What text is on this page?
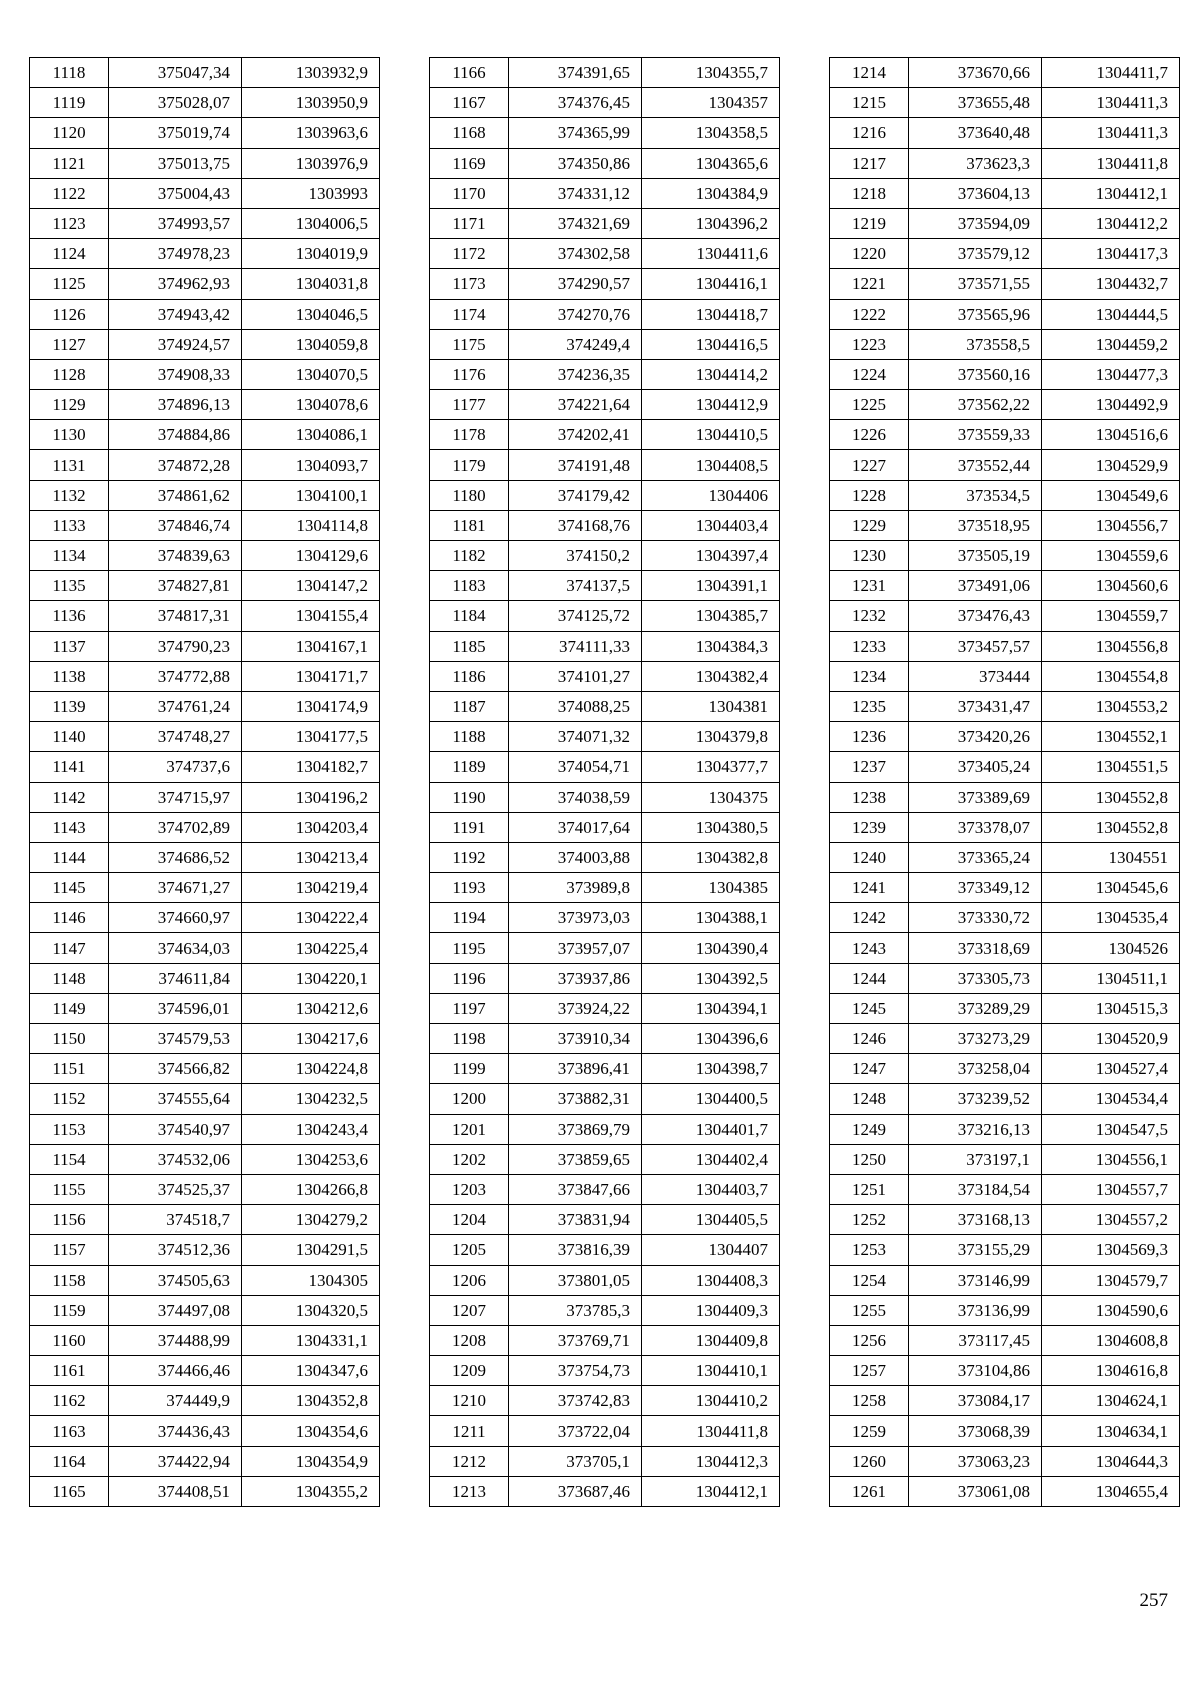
1118	375047,34	1303932,9
1119	375028,07	1303950,9
1120	375019,74	1303963,6
1121	375013,75	1303976,9
1122	375004,43	1303993
1123	374993,57	1304006,5
1124	374978,23	1304019,9
1125	374962,93	1304031,8
1126	374943,42	1304046,5
1127	374924,57	1304059,8
1128	374908,33	1304070,5
1129	374896,13	1304078,6
1130	374884,86	1304086,1
1131	374872,28	1304093,7
1132	374861,62	1304100,1
1133	374846,74	1304114,8
1134	374839,63	1304129,6
1135	374827,81	1304147,2
1136	374817,31	1304155,4
1137	374790,23	1304167,1
1138	374772,88	1304171,7
1139	374761,24	1304174,9
1140	374748,27	1304177,5
1141	374737,6	1304182,7
1142	374715,97	1304196,2
1143	374702,89	1304203,4
1144	374686,52	1304213,4
1145	374671,27	1304219,4
1146	374660,97	1304222,4
1147	374634,03	1304225,4
1148	374611,84	1304220,1
1149	374596,01	1304212,6
1150	374579,53	1304217,6
1151	374566,82	1304224,8
1152	374555,64	1304232,5
1153	374540,97	1304243,4
1154	374532,06	1304253,6
1155	374525,37	1304266,8
1156	374518,7	1304279,2
1157	374512,36	1304291,5
1158	374505,63	1304305
1159	374497,08	1304320,5
1160	374488,99	1304331,1
1161	374466,46	1304347,6
1162	374449,9	1304352,8
1163	374436,43	1304354,6
1164	374422,94	1304354,9
1165	374408,51	1304355,2
1166	374391,65	1304355,7
1167	374376,45	1304357
1168	374365,99	1304358,5
1169	374350,86	1304365,6
1170	374331,12	1304384,9
1171	374321,69	1304396,2
1172	374302,58	1304411,6
1173	374290,57	1304416,1
1174	374270,76	1304418,7
1175	374249,4	1304416,5
1176	374236,35	1304414,2
1177	374221,64	1304412,9
1178	374202,41	1304410,5
1179	374191,48	1304408,5
1180	374179,42	1304406
1181	374168,76	1304403,4
1182	374150,2	1304397,4
1183	374137,5	1304391,1
1184	374125,72	1304385,7
1185	374111,33	1304384,3
1186	374101,27	1304382,4
1187	374088,25	1304381
1188	374071,32	1304379,8
1189	374054,71	1304377,7
1190	374038,59	1304375
1191	374017,64	1304380,5
1192	374003,88	1304382,8
1193	373989,8	1304385
1194	373973,03	1304388,1
1195	373957,07	1304390,4
1196	373937,86	1304392,5
1197	373924,22	1304394,1
1198	373910,34	1304396,6
1199	373896,41	1304398,7
1200	373882,31	1304400,5
1201	373869,79	1304401,7
1202	373859,65	1304402,4
1203	373847,66	1304403,7
1204	373831,94	1304405,5
1205	373816,39	1304407
1206	373801,05	1304408,3
1207	373785,3	1304409,3
1208	373769,71	1304409,8
1209	373754,73	1304410,1
1210	373742,83	1304410,2
1211	373722,04	1304411,8
1212	373705,1	1304412,3
1213	373687,46	1304412,1
1214	373670,66	1304411,7
1215	373655,48	1304411,3
1216	373640,48	1304411,3
1217	373623,3	1304411,8
1218	373604,13	1304412,1
1219	373594,09	1304412,2
1220	373579,12	1304417,3
1221	373571,55	1304432,7
1222	373565,96	1304444,5
1223	373558,5	1304459,2
1224	373560,16	1304477,3
1225	373562,22	1304492,9
1226	373559,33	1304516,6
1227	373552,44	1304529,9
1228	373534,5	1304549,6
1229	373518,95	1304556,7
1230	373505,19	1304559,6
1231	373491,06	1304560,6
1232	373476,43	1304559,7
1233	373457,57	1304556,8
1234	373444	1304554,8
1235	373431,47	1304553,2
1236	373420,26	1304552,1
1237	373405,24	1304551,5
1238	373389,69	1304552,8
1239	373378,07	1304552,8
1240	373365,24	1304551
1241	373349,12	1304545,6
1242	373330,72	1304535,4
1243	373318,69	1304526
1244	373305,73	1304511,1
1245	373289,29	1304515,3
1246	373273,29	1304520,9
1247	373258,04	1304527,4
1248	373239,52	1304534,4
1249	373216,13	1304547,5
1250	373197,1	1304556,1
1251	373184,54	1304557,7
1252	373168,13	1304557,2
1253	373155,29	1304569,3
1254	373146,99	1304579,7
1255	373136,99	1304590,6
1256	373117,45	1304608,8
1257	373104,86	1304616,8
1258	373084,17	1304624,1
1259	373068,39	1304634,1
1260	373063,23	1304644,3
1261	373061,08	1304655,4
257
